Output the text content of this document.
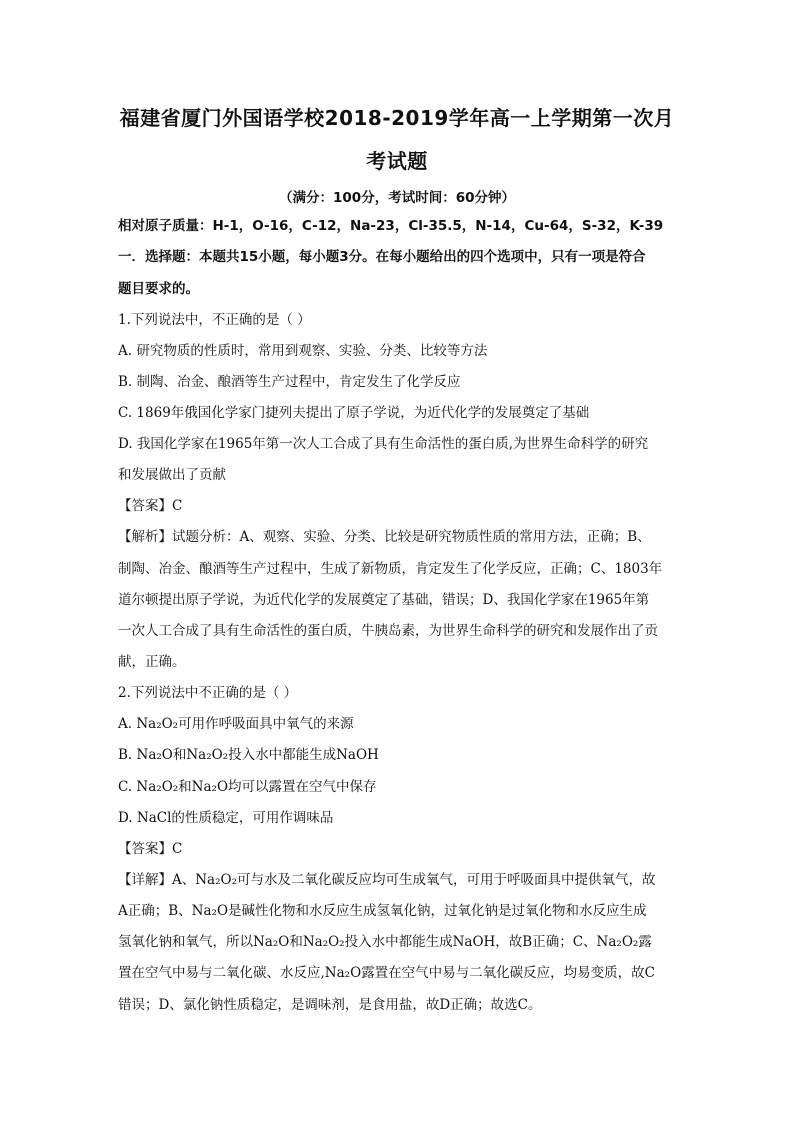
福建省厦门外国语学校2018-2019学年高一上学期第一次月
考试题
（满分：100分，考试时间：60分钟）
相对原子质量：H-1，O-16，C-12，Na-23，Cl-35.5，N-14，Cu-64，S-32，K-39
一．选择题：本题共15小题，每小题3分。在每小题给出的四个选项中，只有一项是符合
题目要求的。
1.下列说法中，不正确的是（ ）
A. 研究物质的性质时，常用到观察、实验、分类、比较等方法
B. 制陶、冶金、酿酒等生产过程中，肯定发生了化学反应
C. 1869年俄国化学家门捷列夫提出了原子学说，为近代化学的发展奠定了基础
D. 我国化学家在1965年第一次人工合成了具有生命活性的蛋白质,为世界生命科学的研究
和发展做出了贡献
【答案】C
【解析】试题分析：A、观察、实验、分类、比较是研究物质性质的常用方法，正确；B、
制陶、冶金、酿酒等生产过程中，生成了新物质，肯定发生了化学反应，正确；C、1803年
道尔顿提出原子学说，为近代化学的发展奠定了基础，错误；D、我国化学家在1965年第
一次人工合成了具有生命活性的蛋白质，牛胰岛素，为世界生命科学的研究和发展作出了贡
献，正确。
2.下列说法中不正确的是（ ）
A. Na₂O₂可用作呼吸面具中氧气的来源
B. Na₂O和Na₂O₂投入水中都能生成NaOH
C. Na₂O₂和Na₂O均可以露置在空气中保存
D. NaCl的性质稳定，可用作调味品
【答案】C
【详解】A、Na₂O₂可与水及二氧化碳反应均可生成氧气，可用于呼吸面具中提供氧气，故
A正确；B、Na₂O是碱性化物和水反应生成氢氧化钠，过氧化钠是过氧化物和水反应生成
氢氧化钠和氧气，所以Na₂O和Na₂O₂投入水中都能生成NaOH，故B正确；C、Na₂O₂露
置在空气中易与二氧化碳、水反应,Na₂O露置在空气中易与二氧化碳反应，均易变质，故C
错误；D、氯化钠性质稳定，是调味剂，是食用盐，故D正确；故选C。
